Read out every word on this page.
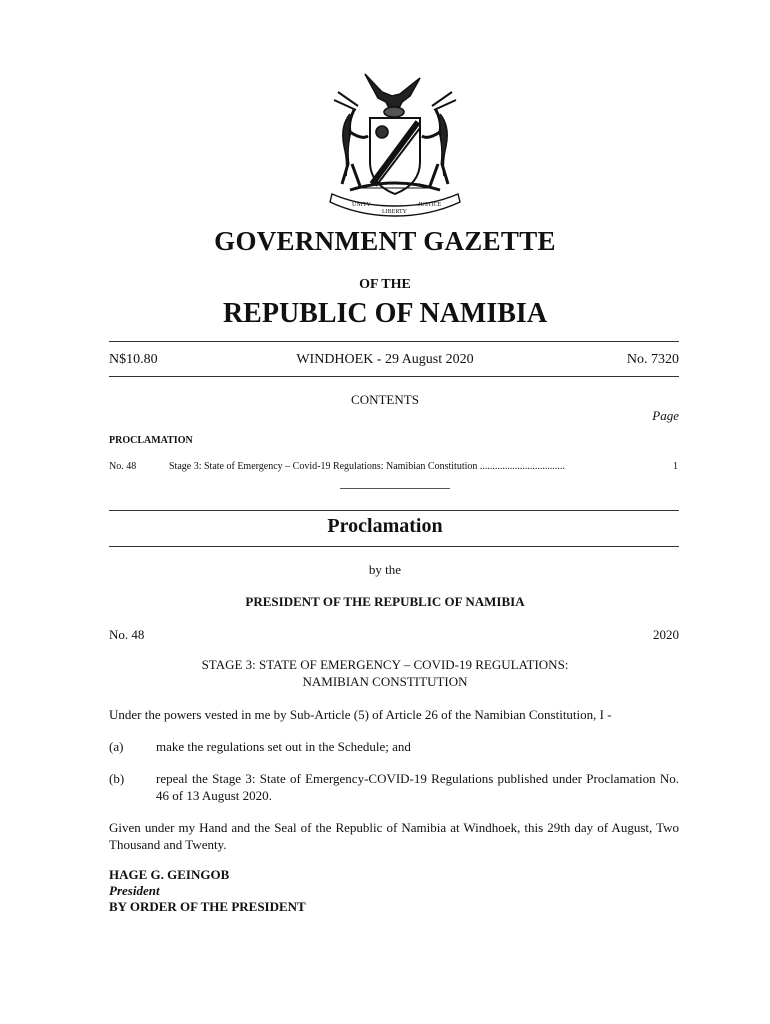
UNITY
LIBERTY
JUSTICE
GOVERNMENT GAZETTE
OF THE
REPUBLIC OF NAMIBIA
N$10.80	WINDHOEK - 29 August 2020	No. 7320
CONTENTS
Page
PROCLAMATION
No. 48	Stage 3: State of Emergency – Covid-19 Regulations: Namibian Constitution ..................................	1
Proclamation
by the
PRESIDENT OF THE REPUBLIC OF NAMIBIA
No. 48	2020
STAGE 3: STATE OF EMERGENCY – COVID-19 REGULATIONS:
NAMIBIAN CONSTITUTION
Under the powers vested in me by Sub-Article (5) of Article 26 of the Namibian Constitution, I -
(a)	make the regulations set out in the Schedule; and
(b) repeal the Stage 3: State of Emergency-COVID-19 Regulations published under Proclamation No. 46 of 13 August 2020.
Given under my Hand and the Seal of the Republic of Namibia at Windhoek, this 29th day of August, Two Thousand and Twenty.
HAGE G. GEINGOB
President
BY ORDER OF THE PRESIDENT
